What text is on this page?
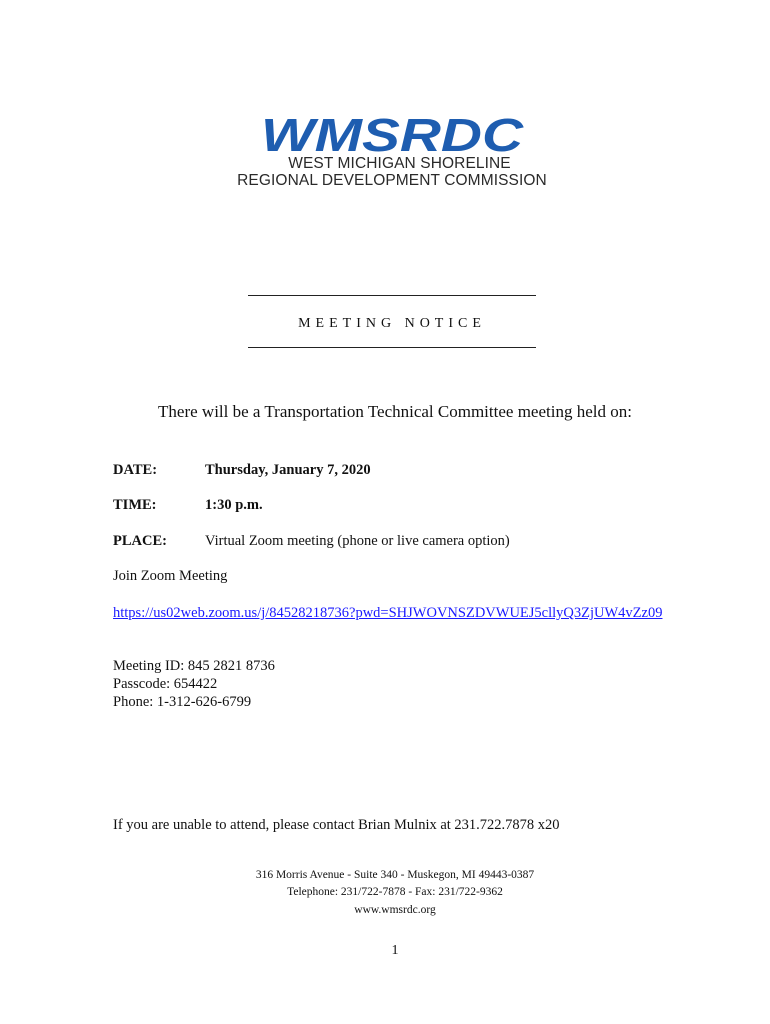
WMSRDC
WEST MICHIGAN SHORELINE
REGIONAL DEVELOPMENT COMMISSION
MEETING NOTICE
There will be a Transportation Technical Committee meeting held on:
DATE:	Thursday, January 7, 2020
TIME:	1:30 p.m.
PLACE:	Virtual Zoom meeting (phone or live camera option)
Join Zoom Meeting
https://us02web.zoom.us/j/84528218736?pwd=SHJWOVNSZDVWUEJ5cllyQ3ZjUW4vZz09
Meeting ID: 845 2821 8736
Passcode: 654422
Phone: 1-312-626-6799
If you are unable to attend, please contact Brian Mulnix at 231.722.7878 x20
316 Morris Avenue - Suite 340 - Muskegon, MI 49443-0387
Telephone: 231/722-7878 - Fax: 231/722-9362
www.wmsrdc.org
1
